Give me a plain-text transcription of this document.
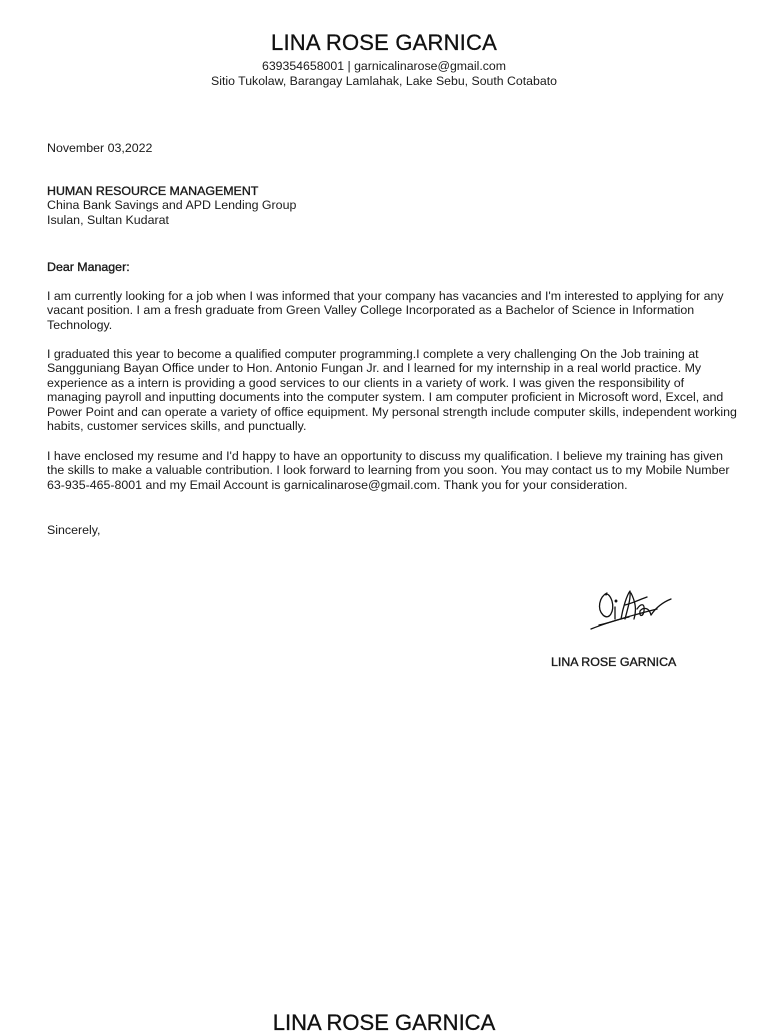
LINA ROSE GARNICA
639354658001 | garnicalinarose@gmail.com
Sitio Tukolaw, Barangay Lamlahak, Lake Sebu, South Cotabato
November 03,2022
HUMAN RESOURCE MANAGEMENT
China Bank Savings and APD Lending Group
Isulan, Sultan Kudarat
Dear Manager:
I am currently looking for a job when I was informed that your company has vacancies and I'm interested to applying for any vacant position. I am a fresh graduate from Green Valley College Incorporated as a Bachelor of Science in Information Technology.
I graduated this year to become a qualified computer programming.I complete a very challenging On the Job training at Sangguniang Bayan Office under to Hon. Antonio Fungan Jr. and I learned for my internship in a real world practice. My experience as a intern is providing a good services to our clients in a variety of work. I was given the responsibility of managing payroll and inputting documents into the computer system. I am computer proficient in Microsoft word, Excel, and Power Point and can operate a variety of office equipment. My personal strength include computer skills, independent working habits, customer services skills, and punctually.
I have enclosed my resume and I'd happy to have an opportunity to discuss my qualification. I believe my training has given the skills to make a valuable contribution. I look forward to learning from you soon. You may contact us to my Mobile Number 63-935-465-8001 and my Email Account is garnicalinarose@gmail.com. Thank you for your consideration.
Sincerely,
LINA ROSE GARNICA
LINA ROSE GARNICA
